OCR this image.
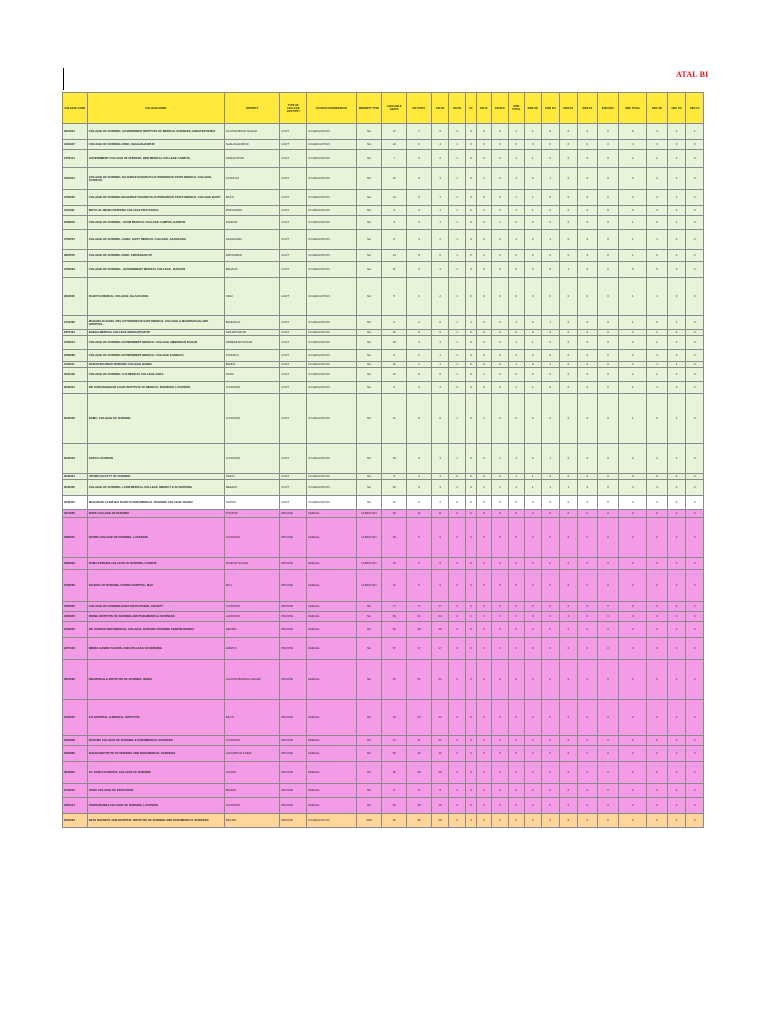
ATAL BI
COLLEGE CODE	COLLEGE NAME	DISTRICT	TYPE OF COLLEGE GOVT/PVT	CO-EDUCATION/FEMALE	MINORITY TYPE	AVAILABLE SEATS	GN TOTAL	GN OP	GN PH	FF	GN FF	GN NCC	EWS TOTAL	EWS OP	EWS PH	EWS FF	EWS FF	EWS NCC	OBC TOTAL	OBC OP	OBC PH	OBC FF
2610001	COLLEGE OF NURSING, GOVERNMENT INSTITUTE OF MEDICAL SCIENCES, GREATER NOIDA	GAUTAM BUDH NAGAR	GOVT	CO-EDUCATION	NA	17	7	5	2	0	0	0	1	1	0	0	0	0	5	4	1	1
2420327	COLLEGE OF NURSING ASMC, SHAHJAHANPUR	SHAHJAHANPUR	GOVT	CO-EDUCATION	NA	12	6	4	1	0	0	0	0	0	0	0	0	0	4	3	0	0
2750101	GOVERNMENT COLLEGE OF NURSING, BRD MEDICAL COLLEGE CAMPUS,	GORAKHPUR	GOVT	CO-EDUCATION	NA	7	3	2	1	0	0	0	1	1	0	0	0	0	2	2	0	0
2220001	COLLEGE OF NURSING, RAJARSHI DASHRATH AUTONOMOUS STATE MEDICAL COLLEGE, AYODHYA	AYODHYA	GOVT	CO-EDUCATION	NA	12	5	3	1	0	1	0	1	0	1	0	0	0	3	2	0	0
2720022	COLLEGE OF NURSING MAHARSHI VASHISHTA AUTONOMOUS STATE MEDICAL COLLEGE BASTI	BASTI	GOVT	CO-EDUCATION	NA	14	8	7	1	0	0	0	1	1	0	0	0	0	3	2	1	0
2110297	MOTI LAL NEHRU NURSING COLLEGE PRAYAGRAJ	PRAYAGRAJ	GOVT	CO-EDUCATION	NA	9	3	1	1	0	1	0	1	1	0	0	0	0	3	3	0	0
2080816	COLLEGE OF NURSING , GSVM MEDICAL COLLEGE CAMPUS, KANPUR	KANPUR	GOVT	CO-EDUCATION	NA	5	3	1	1	0	0	1	0	0	0	0	0	0	1	0	1	0
2760537	COLLEGE OF NURSING ,ASMC, GOVT. MEDICAL COLLEGE, AZAMGARH	AZAMGARH	GOVT	CO-EDUCATION	NA	8	3	2	1	0	0	0	1	0	1	0	0	0	1	1	0	0
2820555	COLLEGE OF NURSING ASMC, FIROZABAD UP	FIROZABAD	GOVT	CO-EDUCATION	NA	13	8	6	1	0	1	0	0	0	0	0	0	0	1	0	0	0
2430563	COLLEGE OF NURSING , GOVERNMENT MEDICAL COLLEGE , BADAUN	BADAUN	GOVT	CO-EDUCATION	NA	11	5	4	1	0	0	0	0	0	0	1	0	0	5	5	0	0
2832025	RAJKIYA MEDICAL COLLEGE JALAUN ORAI	ORAI	GOVT	CO-EDUCATION	NA	5	3	2	1	0	0	0	0	0	0	0	0	0	1	1	0	0
2712095	MAHARAJA SUHEL DEV AUTONOMOUS SATE MEDICAL COLLEGE & MAHRISHI BALARK HOSPITAL,	BAHRAICH	GOVT	CO-EDUCATION	NA	6	2	0	1	1	0	0	1	0	1	0	0	0	1	0	1	0
2670181	BABAH MEDICAL COLLEGE SIDDHARTHPUR	SIDHARTHPUR	GOVT	CO-EDUCATION	NA	12	6	5	1	0	0	0	0	0	0	0	0	0	3	2	0	0
2160013	COLLEGE OF NURSING GOVERNMENT MEDICAL COLLEGE AMBEDKAR NAGAR	AMBEDKAR NAGAR	GOVT	CO-EDUCATION	NA	10	4	3	1	0	0	0	1	1	0	0	0	0	3	2	0	0
2080289	COLLEGE OF NURSING GOVERNMENT MEDICAL COLLEGE KANNAUJ	KANNAUJ	GOVT	CO-EDUCATION	NA	9	2	1	1	0	0	0	2	2	0	0	0	0	3	3	0	0
2120011	RANI DURGAWATI NURSING COLLEGE BANDA	BANDA	GOVT	CO-EDUCATION	NA	11	2	1	1	0	0	0	1	0	1	0	0	0	2	1	1	0
2020129	COLLEGE OF NURSING, S.N MEDICAL COLLEGE AGRA	AGRA	GOVT	CO-EDUCATION	NA	12	8	6	1	0	1	0	0	0	0	0	0	0	2	2	0	0
9030001	DR. RAM MANOHAR LOHIA INSTITUTE OF MEDICAL SCIENCES, LUCKNOW	LUCKNOW	GOVT	CO-EDUCATION	NA	5	3	3	0	0	0	0	1	1	0	0	0	0	1	1	0	0
9030002	KGMU, COLLEGE OF NURSING	LUCKNOW	GOVT	CO-EDUCATION	NA	11	8	6	1	0	1	0	0	0	0	0	0	0	1	0	1	0
9030003	SGPGI LUCKNOW	LUCKNOW	GOVT	CO-EDUCATION	NA	10	5	3	1	0	0	1	1	0	1	0	0	0	2	2	0	0
9030004	UPUMS FACULTY OF NURSING	SAIFAI	GOVT	CO-EDUCATION	NA	5	3	3	0	0	0	0	1	1	0	0	0	0	0	0	0	0
9030005	COLLEGE OF NURSING, LLRM MEDICAL COLLEGE, MEERUT & SC NURSING	MEERUT	GOVT	CO-EDUCATION	NA	20	8	3	2	0	1	1	1	1	1	1	0	0	4	3	0	0
2840322	MAHARANI LAXMI BAI RAJKIYA PARAMEDICAL TRAINING COLLEGE JHANSI	JHANSI	GOVT	CO-EDUCATION	NA	11	2	2	0	0	0	0	0	0	0	0	0	0	3	3	0	0
2013005	ROSS COLLEGE OF NURSING	SITAPUR	PRIVATE	FEMALE	CHRISTIAN	30	11	11	0	0	0	0	0	0	0	0	0	0	0	0	0	0
2260040	FATIMA COLLEGE OF NURSING, LUCKNOW	LUCKNOW	PRIVATE	FEMALE	CHRISTIAN	18	5	5	0	0	0	0	0	0	0	0	0	0	0	0	0	0
2080263	RAMA KRISHNA COLLEGE OF NURSING, KANPUR	KANPUR NAGAR	PRIVATE	FEMALE	CHRISTIAN	10	5	5	0	0	0	0	0	0	0	0	0	0	0	0	0	0
2730069	SCHOOL OF NURSING, FATIMA HOSPITAL, MAU	MAU	PRIVATE	FEMALE	CHRISTIAN	10	5	5	0	0	0	0	0	0	0	0	0	0	0	0	0	0
2260255	COLLEGE OF NURSING RANA EDUCATIONAL SOCIETY	LUCKNOW	PRIVATE	FEMALE	NA	77	77	77	0	0	0	0	0	0	0	0	0	0	0	0	0	0
2260305	DIVINE INSTITUTE OF NURSING AND PARAMEDICAL SCIENCES	LUCKNOW	PRIVATE	FEMALE	NA	50	24	24	0	0	0	0	0	0	0	0	0	0	0	0	0	0
2700022	DR. SURESH PARAMEDICAL COLLEGE, NURSING TRAINING CENTRE DEORIA	DEORIA	PRIVATE	FEMALE	NA	50	28	28	0	0	0	0	0	0	0	0	0	0	0	0	0	0
2370126	INDIRA GANDHI SCHOOL AND COLLEGE OF NURSING	AMETHI	PRIVATE	FEMALE	NA	57	17	17	0	0	0	0	0	0	0	0	0	0	0	0	0	0
2612560	NIGHTINGALE INSTITUTE OF NURSING, NOIDA	GAUTAM BUDDHA NAGAR	PRIVATE	FEMALE	NA	51	51	51	0	0	0	0	0	0	0	0	0	0	0	0	0	0
2720267	S R HOSPITAL & MEDICAL INSTITUTE	BASTI	PRIVATE	FEMALE	NA	23	23	23	0	0	0	0	0	0	0	0	0	0	0	0	0	0
2260809	RAHAMA COLLEGE OF NURSING & PARAMEDICAL SCIENCES	LUCKNOW	PRIVATE	FEMALE	NA	21	21	21	0	0	0	0	0	0	0	0	0	0	0	0	0	0
2630882	SHAAN INSTITUTE OF NURSING AND PARAMEDICAL SCIENCES	LAKHIMPUR KHERI	PRIVATE	FEMALE	NA	50	16	16	0	0	0	0	0	0	0	0	0	0	0	0	0	0
2840897	ST. JUDE'S HOSPITAL COLLEGE OF NURSING	JHANSI	PRIVATE	FEMALE	NA	30	28	28	0	0	0	0	0	0	0	0	0	0	0	0	0	0
2440219	VIVEK COLLEGE OF EDUCATION	BIJNOR	PRIVATE	FEMALE	NA	8	8	8	0	0	0	0	0	0	0	0	0	0	0	0	0	0
2260121	VIVEKANANDA COLLEGE OF NURSING, LUCKNOW	LUCKNOW	PRIVATE	FEMALE	NA	50	18	18	0	0	0	0	0	0	0	0	0	0	0	0	0	0
2520003	SETH DHANPAT JAIN HOSPITAL INSTITUTE OF NURSING AND PARAMEDICAL SCIENCES	BAGPAT	PRIVATE	CO-EDUCATION	JAIN	42	28	28	0	0	0	0	0	0	0	0	0	0	0	0	0	0
